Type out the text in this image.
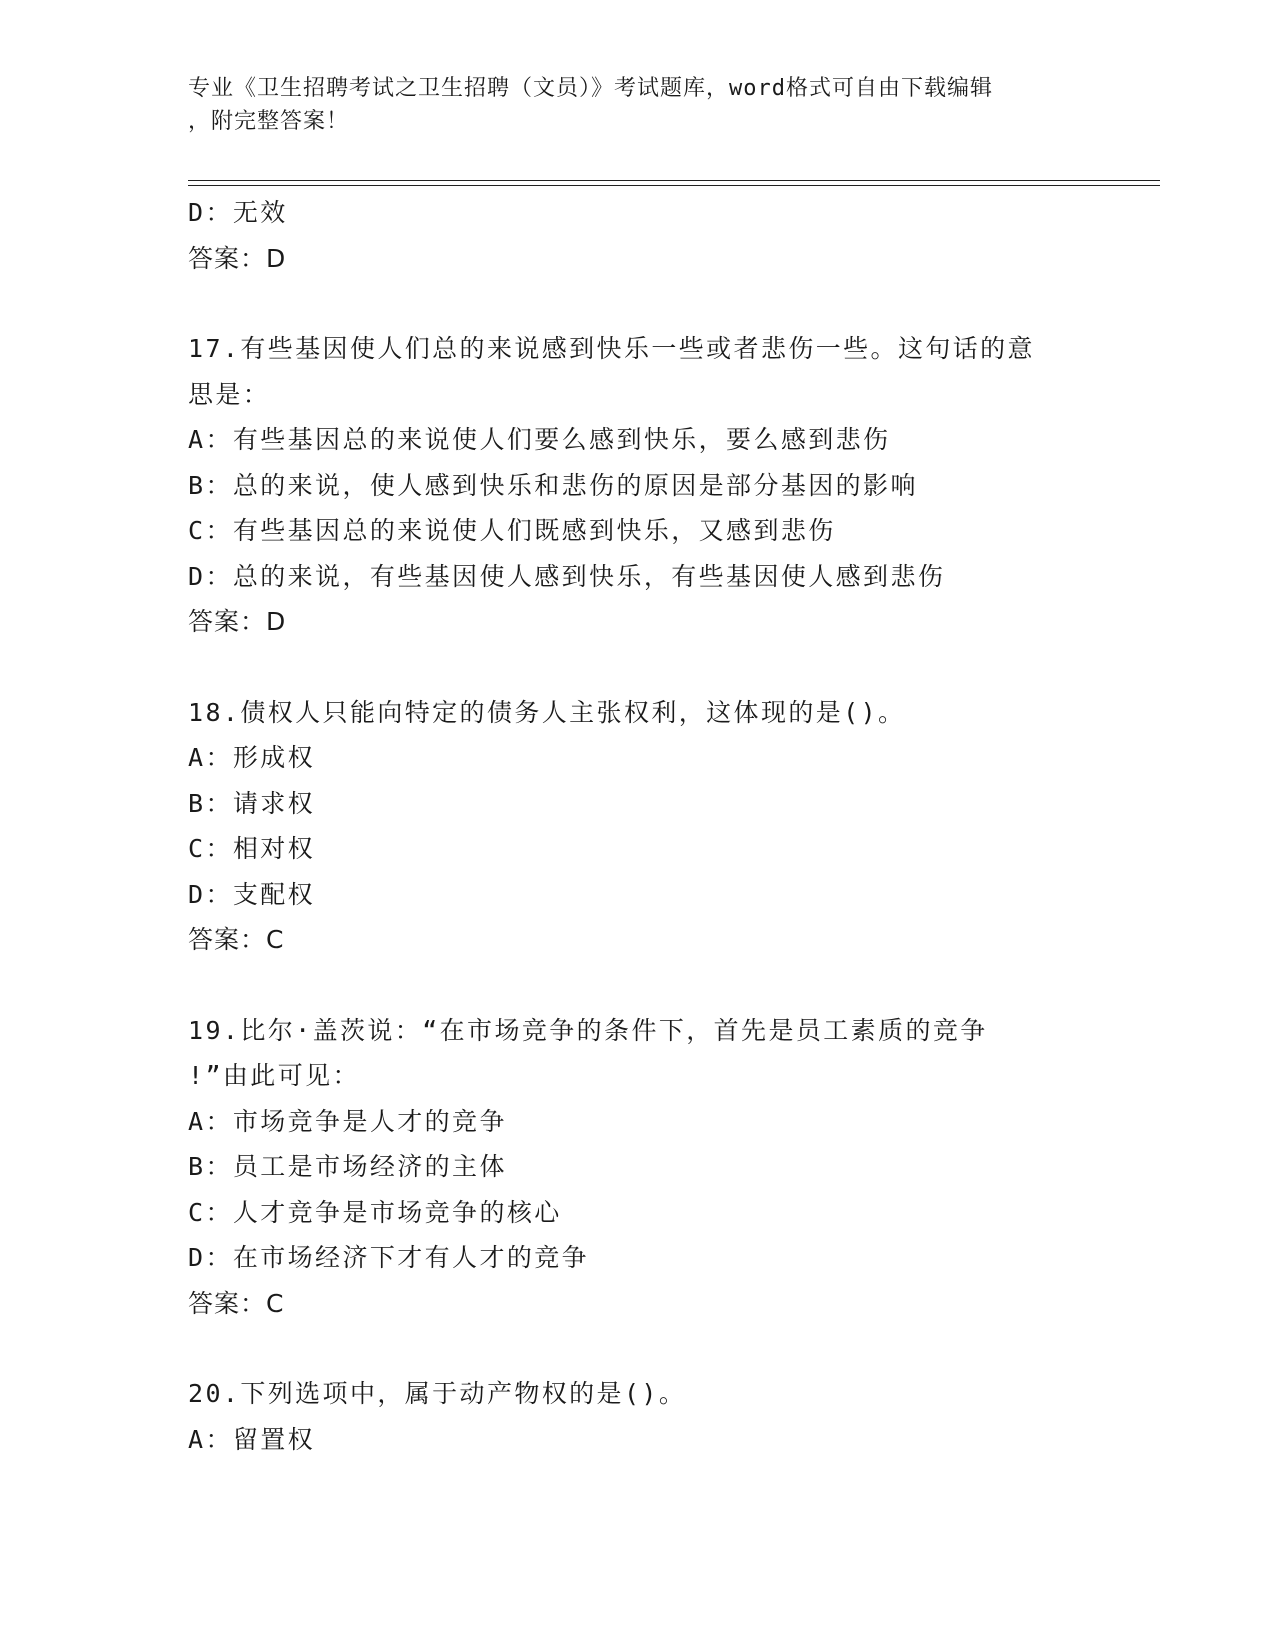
专业《卫生招聘考试之卫生招聘（文员）》考试题库，word格式可自由下载编辑
，附完整答案！
D：无效
答案：D
17.有些基因使人们总的来说感到快乐一些或者悲伤一些。这句话的意
思是：
A：有些基因总的来说使人们要么感到快乐，要么感到悲伤
B：总的来说，使人感到快乐和悲伤的原因是部分基因的影响
C：有些基因总的来说使人们既感到快乐，又感到悲伤
D：总的来说，有些基因使人感到快乐，有些基因使人感到悲伤
答案：D
18.债权人只能向特定的债务人主张权利，这体现的是()。
A：形成权
B：请求权
C：相对权
D：支配权
答案：C
19.比尔·盖茨说：“在市场竞争的条件下，首先是员工素质的竞争
!”由此可见：
A：市场竞争是人才的竞争
B：员工是市场经济的主体
C：人才竞争是市场竞争的核心
D：在市场经济下才有人才的竞争
答案：C
20.下列选项中，属于动产物权的是()。
A：留置权
